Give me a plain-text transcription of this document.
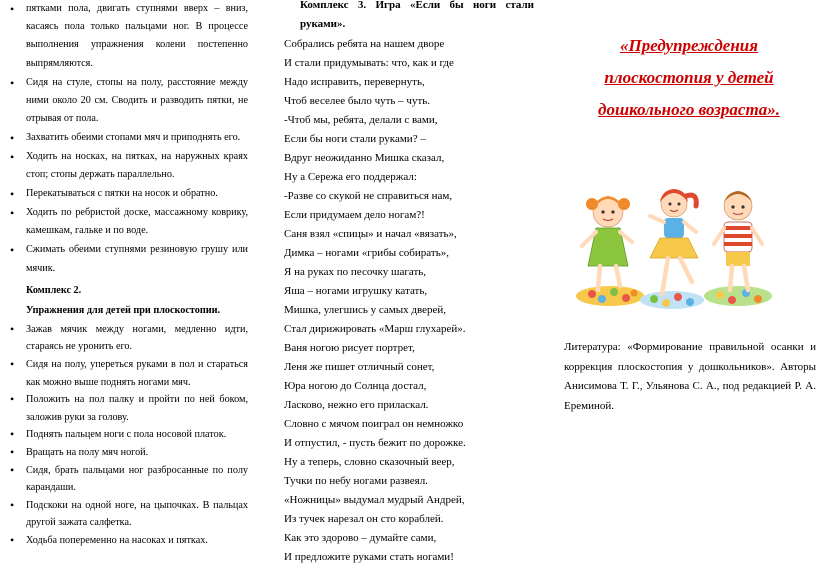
• пятками пола, двигать ступнями вверх – вниз, касаясь пола только пальцами ног. В процессе выполнения упражнения колени постепенно выпрямляются.
• Сидя на стуле, стопы на полу, расстояние между ними около 20 см. Сводить и разводить пятки, не отрывая от пола.
• Захватить обеими стопами мяч и приподнять его.
• Ходить на носках, на пятках, на наружных краях стоп; стопы держать параллельно.
• Перекатываться с пятки на носок и обратно.
• Ходить по ребристой доске, массажному коврику, камешкам, гальке и по воде.
• Сжимать обеими ступнями резиновую грушу или мячик.
Комплекс 2.
Упражнения для детей при плоскостопии.
• Зажав мячик между ногами, медленно идти, стараясь не уронить его.
• Сидя на полу, упереться руками в пол и стараться как можно выше поднять ногами мяч.
• Положить на пол палку и пройти по ней боком, заложив руки за голову.
• Поднять пальцем ноги с пола носовой платок.
• Вращать на полу мяч ногой.
• Сидя, брать пальцами ног разбросанные по полу карандаши.
• Подскоки на одной ноге, на цыпочках. В пальцах другой зажата салфетка.
• Ходьба попеременно на насоках и пятках.
Комплекс 3. Игра «Если бы ноги стали руками».

Собрались ребята на нашем дворе

И стали придумывать: что, как и где

Надо исправить, перевернуть,

Чтоб веселее было чуть – чуть.

-Чтоб мы, ребята, делали с вами,

Если бы ноги стали руками? –

Вдруг неожиданно Мишка сказал,

Ну а Сережа его поддержал:

-Разве со скукой не справиться нам,

Если придумаем дело ногам?!

Саня взял «спицы» и начал «вязать»,

Димка – ногами «грибы собирать»,

Я на руках по песочку шагать,

Яша – ногами игрушку катать,

Мишка, улегшись у самых дверей,

Стал дирижировать «Марш глухарей».

Ваня ногою рисует портрет,

Леня же пишет отличный сонет,

Юра ногою до Солнца достал,

Ласково, нежно его приласкал.

Словно с мячом поиграл он немножко

И отпустил, - пусть бежит по дорожке.

Ну а теперь, словно сказочный веер,

Тучки по небу ногами развеял.

«Ножницы» выдумал мудрый Андрей,

Из тучек нарезал он сто кораблей.

Как это здорово – думайте сами,

И предложите руками стать ногами!

«Предупреждения
плоскостопия у детей
дошкольного возраста».
Литература: «Формирование правильной осанки и коррекция плоскостопия у дошкольников». Авторы Анисимова Т. Г., Ульянова С. А., под редакцией Р. А. Ереминой.
